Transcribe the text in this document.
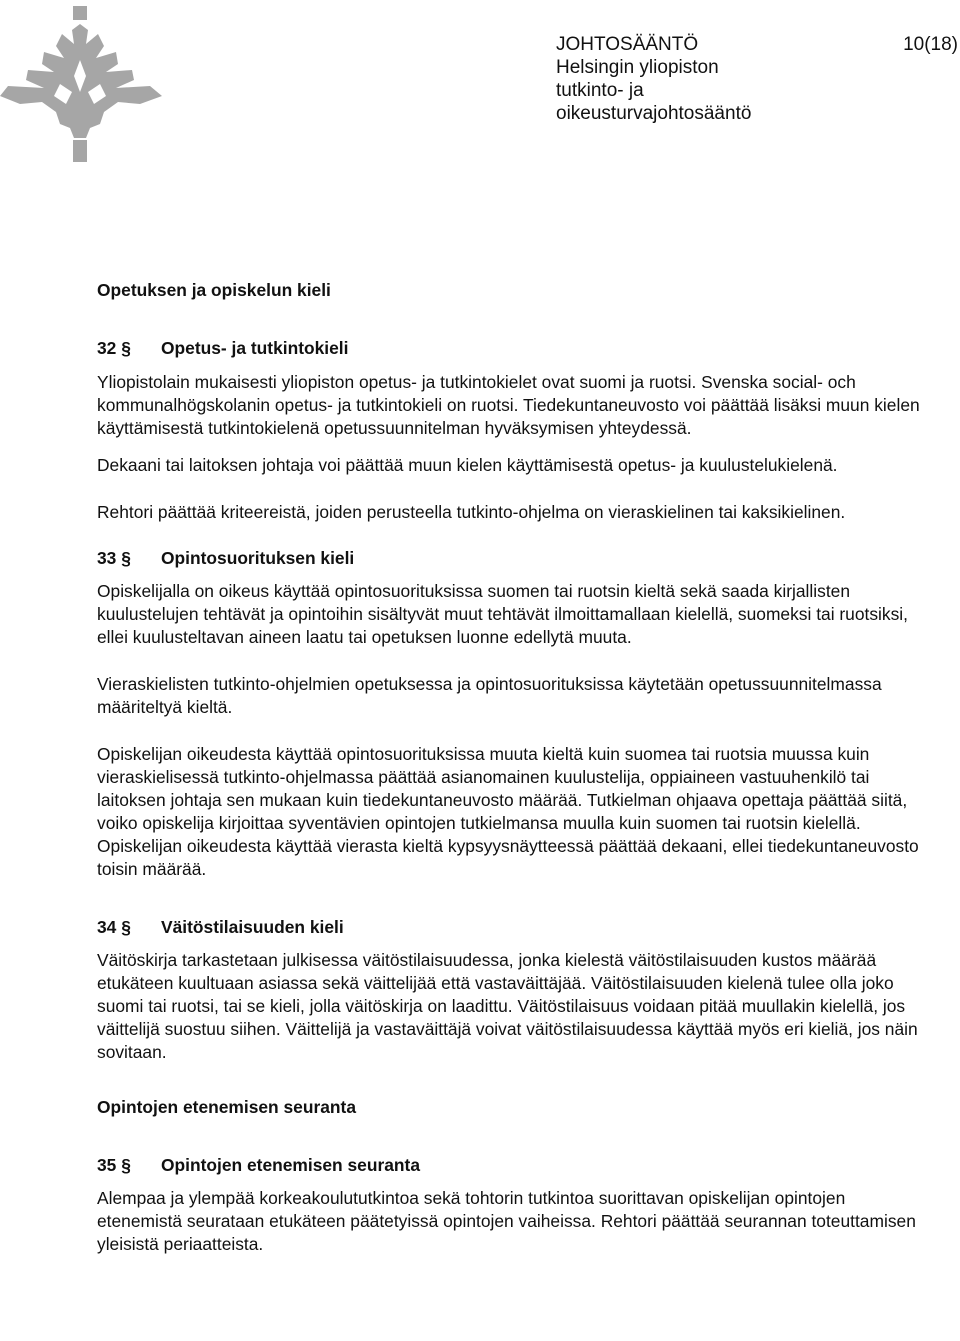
JOHTOSÄÄNTÖ	10(18)
Helsingin yliopiston
tutkinto- ja
oikeusturvajohtosääntö
Opetuksen ja opiskelun kieli
32 §	Opetus- ja tutkintokieli

Yliopistolain mukaisesti yliopiston opetus- ja tutkintokielet ovat suomi ja ruotsi. Svenska social- och kommunalhögskolanin opetus- ja tutkintokieli on ruotsi. Tiedekuntaneuvosto voi päättää lisäksi muun kielen käyttämisestä tutkintokielenä opetussuunnitelman hyväksymisen yhteydessä.

Dekaani tai laitoksen johtaja voi päättää muun kielen käyttämisestä opetus- ja kuulustelukielenä.

Rehtori päättää kriteereistä, joiden perusteella tutkinto-ohjelma on vieraskielinen tai kaksikielinen.

33 §	Opintosuorituksen kieli

Opiskelijalla on oikeus käyttää opintosuorituksissa suomen tai ruotsin kieltä sekä saada kirjallisten kuulustelujen tehtävät ja opintoihin sisältyvät muut tehtävät ilmoittamallaan kielellä, suomeksi tai ruotsiksi, ellei kuulusteltavan aineen laatu tai opetuksen luonne edellytä muuta.

Vieraskielisten tutkinto-ohjelmien opetuksessa ja opintosuorituksissa käytetään opetussuunnitelmassa määriteltyä kieltä.

Opiskelijan oikeudesta käyttää opintosuorituksissa muuta kieltä kuin suomea tai ruotsia muussa kuin vieraskielisessä tutkinto-ohjelmassa päättää asianomainen kuulustelija, oppiaineen vastuuhenkilö tai laitoksen johtaja sen mukaan kuin tiedekuntaneuvosto määrää. Tutkielman ohjaava opettaja päättää siitä, voiko opiskelija kirjoittaa syventävien opintojen tutkielmansa muulla kuin suomen tai ruotsin kielellä. Opiskelijan oikeudesta käyttää vierasta kieltä kypsyysnäytteessä päättää dekaani, ellei tiedekuntaneuvosto toisin määrää.

34 §	Väitöstilaisuuden kieli

Väitöskirja tarkastetaan julkisessa väitöstilaisuudessa, jonka kielestä väitöstilaisuuden kustos määrää etukäteen kuultuaan asiassa sekä väittelijää että vastaväittäjää. Väitöstilaisuuden kielenä tulee olla joko suomi tai ruotsi, tai se kieli, jolla väitöskirja on laadittu. Väitöstilaisuus voidaan pitää muullakin kielellä, jos väittelijä suostuu siihen. Väittelijä ja vastaväittäjä voivat väitöstilaisuudessa käyttää myös eri kieliä, jos näin sovitaan.

Opintojen etenemisen seuranta
35 §	Opintojen etenemisen seuranta

Alempaa ja ylempää korkeakoulututkintoa sekä tohtorin tutkintoa suorittavan opiskelijan opintojen etenemistä seurataan etukäteen päätetyissä opintojen vaiheissa. Rehtori päättää seurannan toteuttamisen yleisistä periaatteista.
